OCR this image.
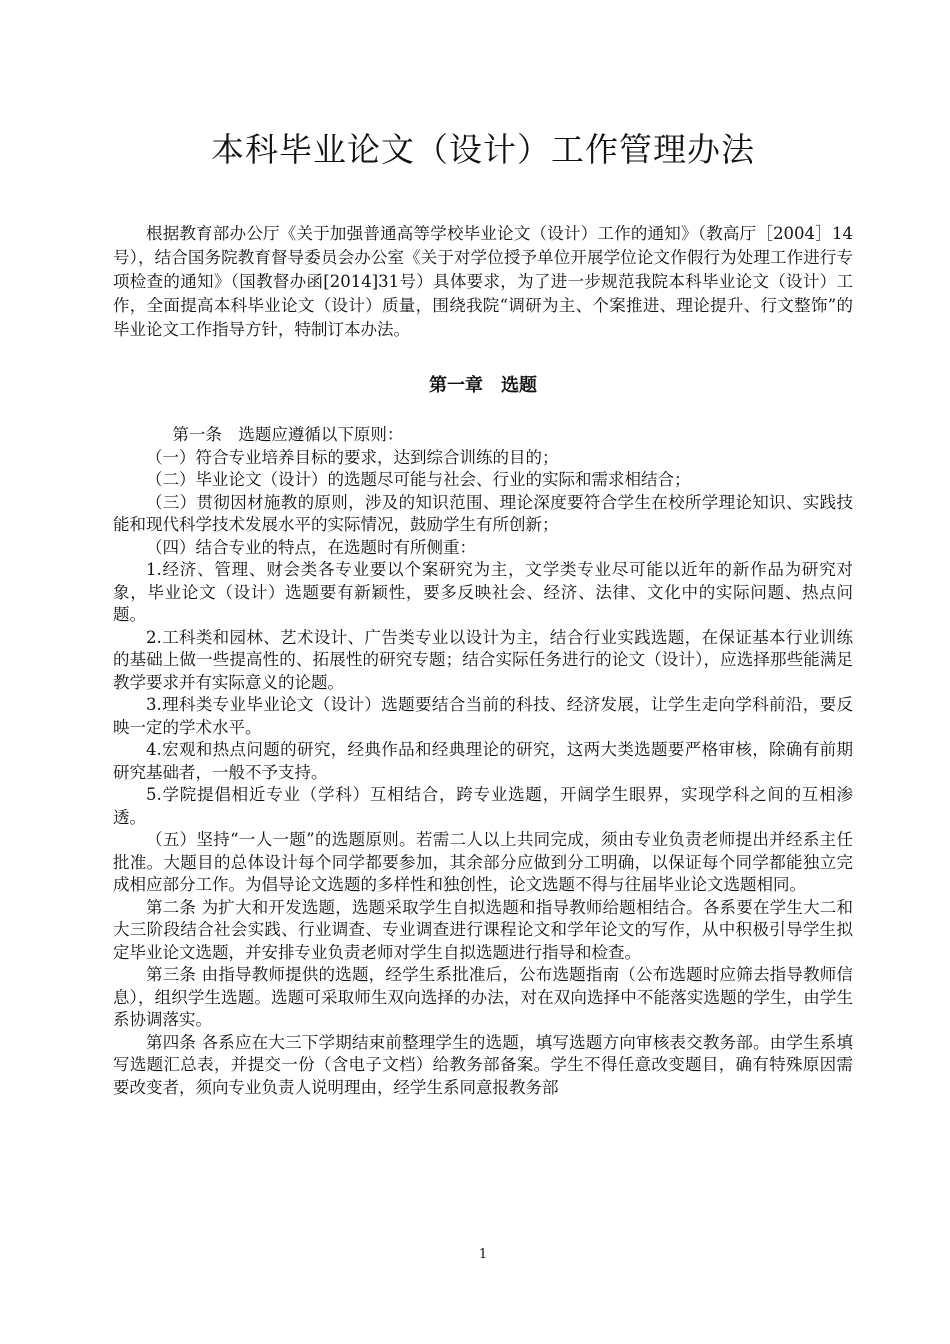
本科毕业论文（设计）工作管理办法

根据教育部办公厅《关于加强普通高等学校毕业论文（设计）工作的通知》（教高厅［2004］14号），结合国务院教育督导委员会办公室《关于对学位授予单位开展学位论文作假行为处理工作进行专项检查的通知》（国教督办函[2014]31号）具体要求，为了进一步规范我院本科毕业论文（设计）工作，全面提高本科毕业论文（设计）质量，围绕我院“调研为主、个案推进、理论提升、行文整饰”的毕业论文工作指导方针，特制订本办法。

第一章　选题

第一条　选题应遵循以下原则：

（一）符合专业培养目标的要求，达到综合训练的目的；

（二）毕业论文（设计）的选题尽可能与社会、行业的实际和需求相结合；

（三）贯彻因材施教的原则，涉及的知识范围、理论深度要符合学生在校所学理论知识、实践技能和现代科学技术发展水平的实际情况，鼓励学生有所创新；

（四）结合专业的特点，在选题时有所侧重：

1.经济、管理、财会类各专业要以个案研究为主，文学类专业尽可能以近年的新作品为研究对象，毕业论文（设计）选题要有新颖性，要多反映社会、经济、法律、文化中的实际问题、热点问题。

2.工科类和园林、艺术设计、广告类专业以设计为主，结合行业实践选题，在保证基本行业训练的基础上做一些提高性的、拓展性的研究专题；结合实际任务进行的论文（设计），应选择那些能满足教学要求并有实际意义的论题。

3.理科类专业毕业论文（设计）选题要结合当前的科技、经济发展，让学生走向学科前沿，要反映一定的学术水平。

4.宏观和热点问题的研究，经典作品和经典理论的研究，这两大类选题要严格审核，除确有前期研究基础者，一般不予支持。

5.学院提倡相近专业（学科）互相结合，跨专业选题，开阔学生眼界，实现学科之间的互相渗透。

（五）坚持“一人一题”的选题原则。若需二人以上共同完成，须由专业负责老师提出并经系主任批准。大题目的总体设计每个同学都要参加，其余部分应做到分工明确，以保证每个同学都能独立完成相应部分工作。为倡导论文选题的多样性和独创性，论文选题不得与往届毕业论文选题相同。

第二条 为扩大和开发选题，选题采取学生自拟选题和指导教师给题相结合。各系要在学生大二和大三阶段结合社会实践、行业调查、专业调查进行课程论文和学年论文的写作，从中积极引导学生拟定毕业论文选题，并安排专业负责老师对学生自拟选题进行指导和检查。

第三条 由指导教师提供的选题，经学生系批准后，公布选题指南（公布选题时应筛去指导教师信息），组织学生选题。选题可采取师生双向选择的办法，对在双向选择中不能落实选题的学生，由学生系协调落实。

第四条 各系应在大三下学期结束前整理学生的选题，填写选题方向审核表交教务部。由学生系填写选题汇总表，并提交一份（含电子文档）给教务部备案。学生不得任意改变题目，确有特殊原因需要改变者，须向专业负责人说明理由，经学生系同意报教务部

1
